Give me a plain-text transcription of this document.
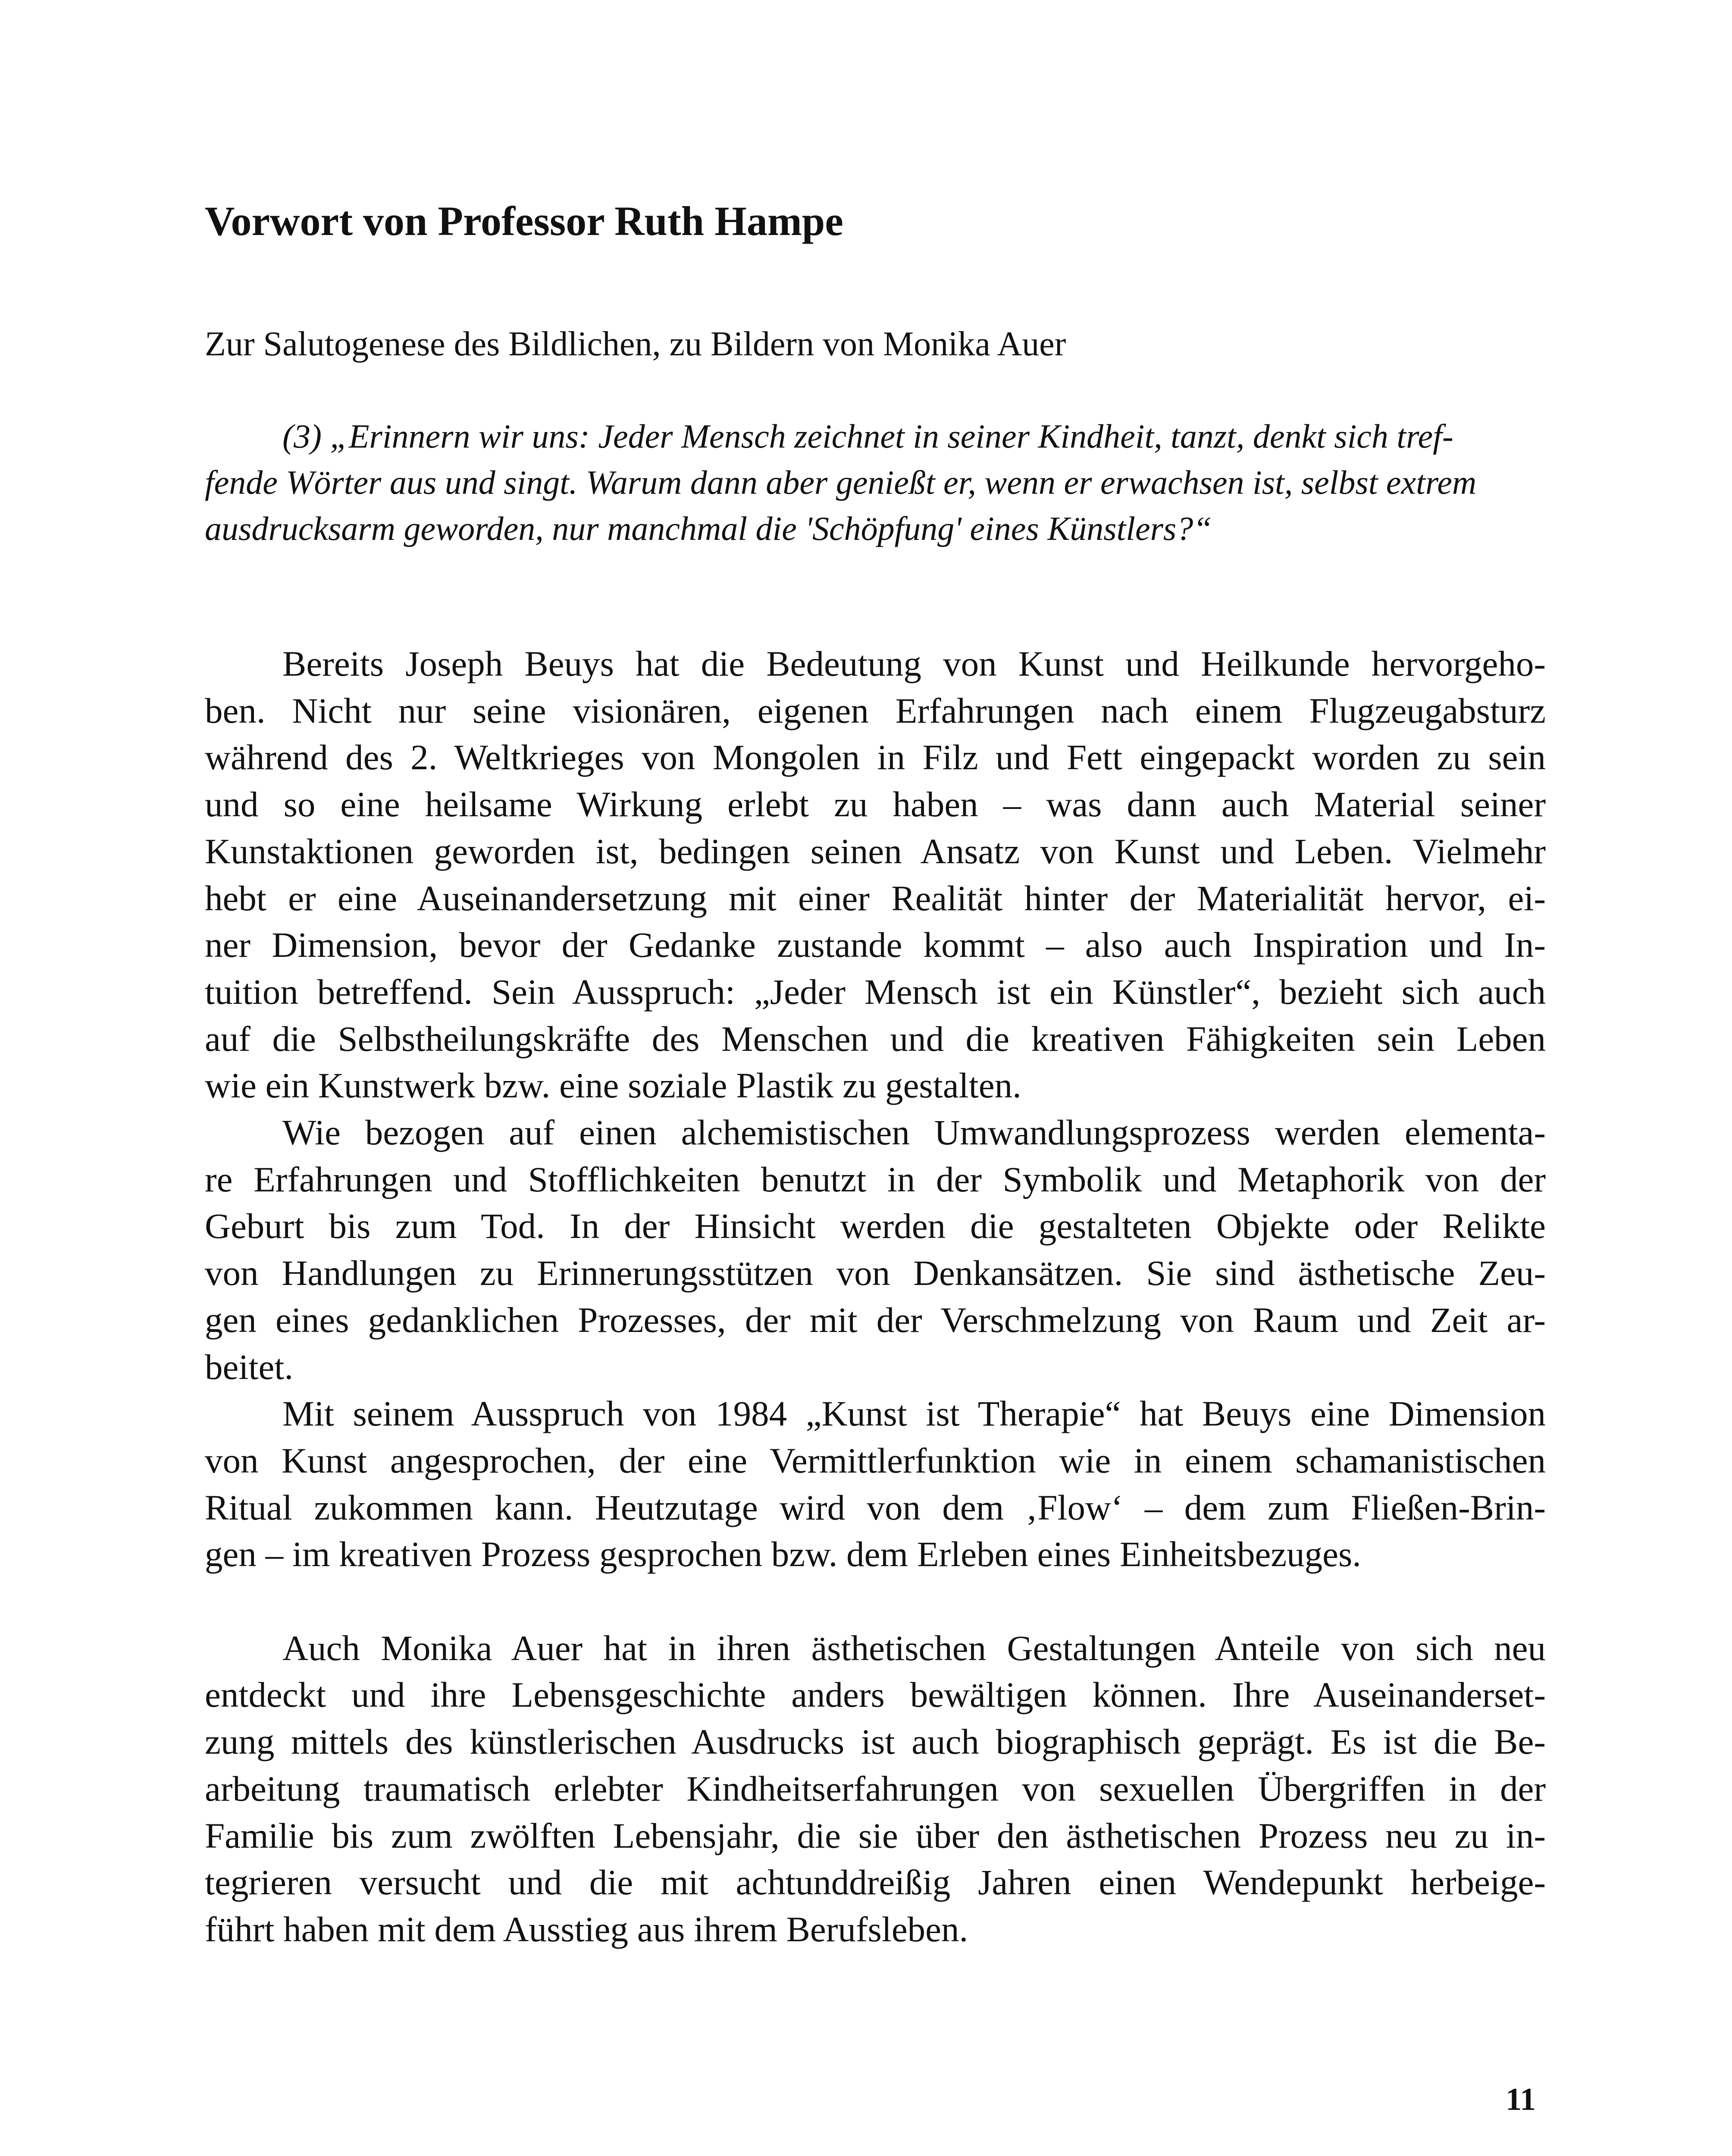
Vorwort von Professor Ruth Hampe

Zur Salutogenese des Bildlichen, zu Bildern von Monika Auer

(3) „Erinnern wir uns: Jeder Mensch zeichnet in seiner Kindheit, tanzt, denkt sich tref-
fende Wörter aus und singt. Warum dann aber genießt er, wenn er erwachsen ist, selbst extrem
ausdrucksarm geworden, nur manchmal die 'Schöpfung' eines Künstlers?“

Bereits Joseph Beuys hat die Bedeutung von Kunst und Heilkunde hervorgeho-
ben. Nicht nur seine visionären, eigenen Erfahrungen nach einem Flugzeugabsturz
während des 2. Weltkrieges von Mongolen in Filz und Fett eingepackt worden zu sein
und so eine heilsame Wirkung erlebt zu haben – was dann auch Material seiner
Kunstaktionen geworden ist, bedingen seinen Ansatz von Kunst und Leben. Vielmehr
hebt er eine Auseinandersetzung mit einer Realität hinter der Materialität hervor, ei-
ner Dimension, bevor der Gedanke zustande kommt – also auch Inspiration und In-
tuition betreffend. Sein Ausspruch: „Jeder Mensch ist ein Künstler“, bezieht sich auch
auf die Selbstheilungskräfte des Menschen und die kreativen Fähigkeiten sein Leben
wie ein Kunstwerk bzw. eine soziale Plastik zu gestalten.
Wie bezogen auf einen alchemistischen Umwandlungsprozess werden elementa-
re Erfahrungen und Stofflichkeiten benutzt in der Symbolik und Metaphorik von der
Geburt bis zum Tod. In der Hinsicht werden die gestalteten Objekte oder Relikte
von Handlungen zu Erinnerungsstützen von Denkansätzen. Sie sind ästhetische Zeu-
gen eines gedanklichen Prozesses, der mit der Verschmelzung von Raum und Zeit ar-
beitet.
Mit seinem Ausspruch von 1984 „Kunst ist Therapie“ hat Beuys eine Dimension
von Kunst angesprochen, der eine Vermittlerfunktion wie in einem schamanistischen
Ritual zukommen kann. Heutzutage wird von dem ‚Flow‘ – dem zum Fließen-Brin-
gen – im kreativen Prozess gesprochen bzw. dem Erleben eines Einheitsbezuges.
Auch Monika Auer hat in ihren ästhetischen Gestaltungen Anteile von sich neu
entdeckt und ihre Lebensgeschichte anders bewältigen können. Ihre Auseinanderset-
zung mittels des künstlerischen Ausdrucks ist auch biographisch geprägt. Es ist die Be-
arbeitung traumatisch erlebter Kindheitserfahrungen von sexuellen Übergriffen in der
Familie bis zum zwölften Lebensjahr, die sie über den ästhetischen Prozess neu zu in-
tegrieren versucht und die mit achtunddreißig Jahren einen Wendepunkt herbeige-
führt haben mit dem Ausstieg aus ihrem Berufsleben.

11
